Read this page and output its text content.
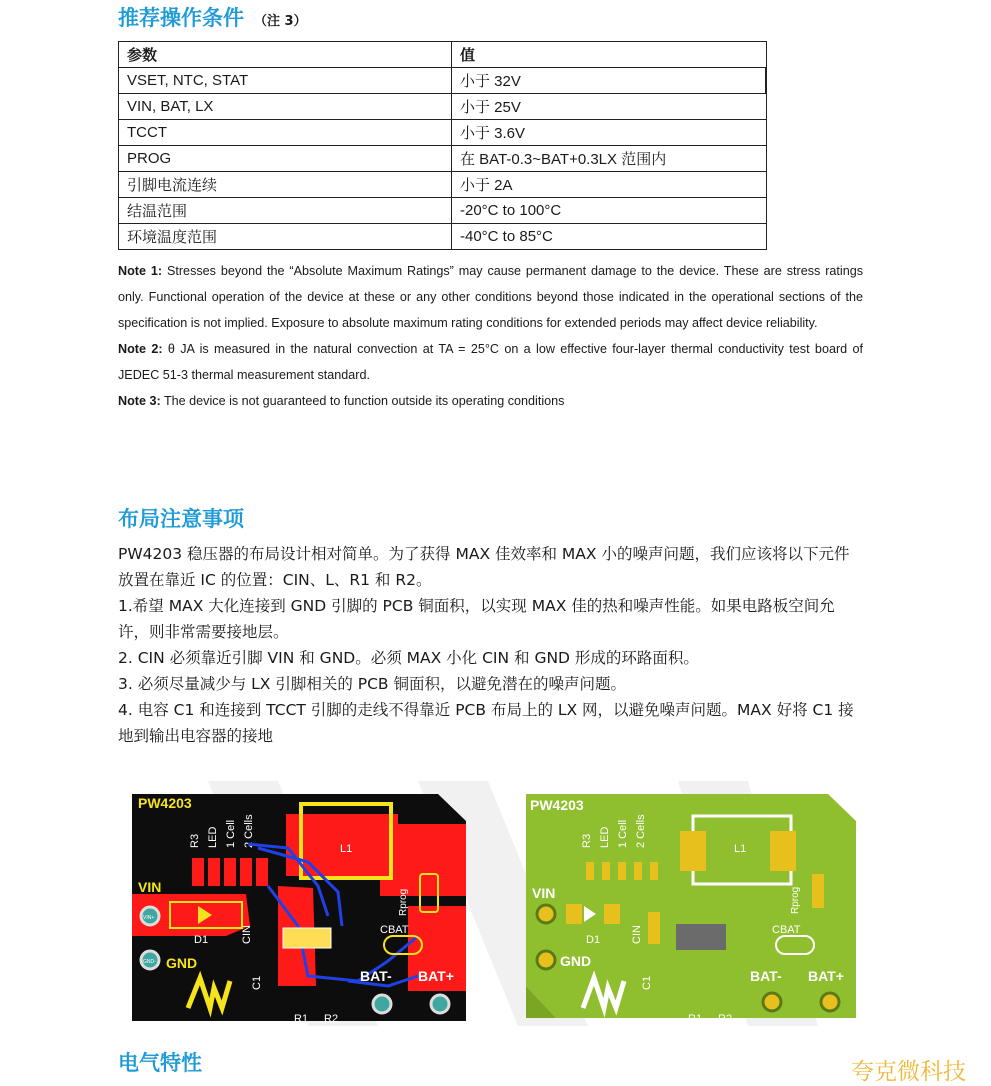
推荐操作条件 （注 3）
参数	值
VSET, NTC, STAT	小于 32V
VIN, BAT, LX	小于 25V
TCCT	小于 3.6V
PROG	在 BAT-0.3~BAT+0.3LX 范围内
引脚电流连续	小于 2A
结温范围	-20°C to 100°C
环境温度范围	-40°C to 85°C

Note 1: Stresses beyond the “Absolute Maximum Ratings” may cause permanent damage to the device. These are stress ratings only. Functional operation of the device at these or any other conditions beyond those indicated in the operational sections of the specification is not implied. Exposure to absolute maximum rating conditions for extended periods may affect device reliability.

Note 2: θ JA is measured in the natural convection at TA = 25°C on a low effective four-layer thermal conductivity test board of JEDEC 51-3 thermal measurement standard.

Note 3: The device is not guaranteed to function outside its operating conditions

布局注意事项

PW4203 稳压器的布局设计相对简单。为了获得 MAX 佳效率和 MAX 小的噪声问题，我们应该将以下元件放置在靠近 IC 的位置：CIN、L、R1 和 R2。

1.希望 MAX 大化连接到 GND 引脚的 PCB 铜面积，以实现 MAX 佳的热和噪声性能。如果电路板空间允许，则非常需要接地层。

2. CIN 必须靠近引脚 VIN 和 GND。必须 MAX 小化 CIN 和 GND 形成的环路面积。

3. 必须尽量减少与 LX 引脚相关的 PCB 铜面积，以避免潜在的噪声问题。

4. 电容 C1 和连接到 TCCT 引脚的走线不得靠近 PCB 布局上的 LX 网，以避免噪声问题。MAX 好将 C1 接地到输出电容器的接地

L1
PW4203
R3 LED 1 Cell 2 Cells
VIN
D1
VIN+
GND- GND
CIN
C1
R1 R2
Rprog
CBAT
BAT- BAT+
L1
PW4203
R3 LED 1 Cell 2 Cells
VIN
D1
GND
CIN
C1
R1 R2
Rprog
CBAT
BAT- BAT+
电气特性	夸克微科技
